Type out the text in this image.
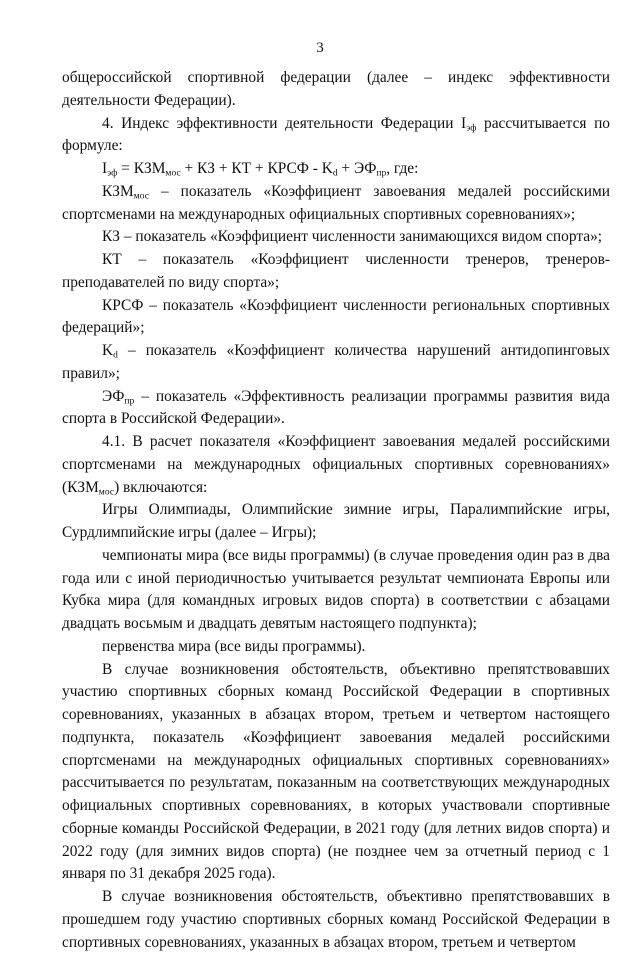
3

общероссийской спортивной федерации (далее – индекс эффективности деятельности Федерации).

4. Индекс эффективности деятельности Федерации $I_{эф}$ рассчитывается по формуле:

$I_{эф} = КЗМ_{мос}$ + КЗ + КТ + КРСФ - $K_d + ЭФ_{пр}$, где:

$КЗМ_{мос}$ – показатель «Коэффициент завоевания медалей российскими спортсменами на международных официальных спортивных соревнованиях»;

КЗ – показатель «Коэффициент численности занимающихся видом спорта»;

КТ – показатель «Коэффициент численности тренеров, тренеров-преподавателей по виду спорта»;

КРСФ – показатель «Коэффициент численности региональных спортивных федераций»;

$K_d$ – показатель «Коэффициент количества нарушений антидопинговых правил»;

$ЭФ_{пр}$ – показатель «Эффективность реализации программы развития вида спорта в Российской Федерации».

4.1. В расчет показателя «Коэффициент завоевания медалей российскими спортсменами на международных официальных спортивных соревнованиях» $(КЗМ_{мос})$ включаются:

Игры Олимпиады, Олимпийские зимние игры, Паралимпийские игры, Сурдлимпийские игры (далее – Игры);

чемпионаты мира (все виды программы) (в случае проведения один раз в два года или с иной периодичностью учитывается результат чемпионата Европы или Кубка мира (для командных игровых видов спорта) в соответствии с абзацами двадцать восьмым и двадцать девятым настоящего подпункта);

первенства мира (все виды программы).

В случае возникновения обстоятельств, объективно препятствовавших участию спортивных сборных команд Российской Федерации в спортивных соревнованиях, указанных в абзацах втором, третьем и четвертом настоящего подпункта, показатель «Коэффициент завоевания медалей российскими спортсменами на международных официальных спортивных соревнованиях» рассчитывается по результатам, показанным на соответствующих международных официальных спортивных соревнованиях, в которых участвовали спортивные сборные команды Российской Федерации, в 2021 году (для летних видов спорта) и 2022 году (для зимних видов спорта) (не позднее чем за отчетный период с 1 января по 31 декабря 2025 года).

В случае возникновения обстоятельств, объективно препятствовавших в прошедшем году участию спортивных сборных команд Российской Федерации в спортивных соревнованиях, указанных в абзацах втором, третьем и четвертом
